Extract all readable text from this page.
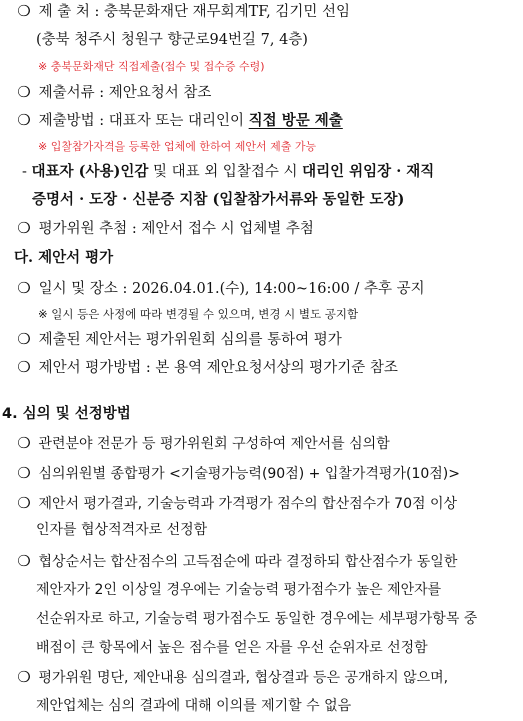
❍ 제 출 처 : 충북문화재단 재무회계TF, 김기민 선임
(충북 청주시 청원구 향군로94번길 7, 4층)
※ 충북문화재단 직접제출(접수 및 접수증 수령)
❍ 제출서류 : 제안요청서 참조
❍ 제출방법 : 대표자 또는 대리인이 직접 방문 제출
※ 입찰참가자격을 등록한 업체에 한하여 제안서 제출 가능
- 대표자 (사용)인감 및 대표 외 입찰접수 시 대리인 위임장 · 재직
증명서 · 도장 · 신분증 지참 (입찰참가서류와 동일한 도장)
❍ 평가위원 추첨 : 제안서 접수 시 업체별 추첨
다. 제안서 평가
❍ 일시 및 장소 : 2026.04.01.(수), 14:00~16:00 / 추후 공지
※ 일시 등은 사정에 따라 변경될 수 있으며, 변경 시 별도 공지함
❍ 제출된 제안서는 평가위원회 심의를 통하여 평가
❍ 제안서 평가방법 : 본 용역 제안요청서상의 평가기준 참조
4. 심의 및 선정방법
❍ 관련분야 전문가 등 평가위원회 구성하여 제안서를 심의함
❍ 심의위원별 종합평가 <기술평가능력(90점) + 입찰가격평가(10점)>
❍ 제안서 평가결과, 기술능력과 가격평가 점수의 합산점수가 70점 이상
인자를 협상적격자로 선정함
❍ 협상순서는 합산점수의 고득점순에 따라 결정하되 합산점수가 동일한
제안자가 2인 이상일 경우에는 기술능력 평가점수가 높은 제안자를
선순위자로 하고, 기술능력 평가점수도 동일한 경우에는 세부평가항목 중
배점이 큰 항목에서 높은 점수를 얻은 자를 우선 순위자로 선정함
❍ 평가위원 명단, 제안내용 심의결과, 협상결과 등은 공개하지 않으며,
제안업체는 심의 결과에 대해 이의를 제기할 수 없음
